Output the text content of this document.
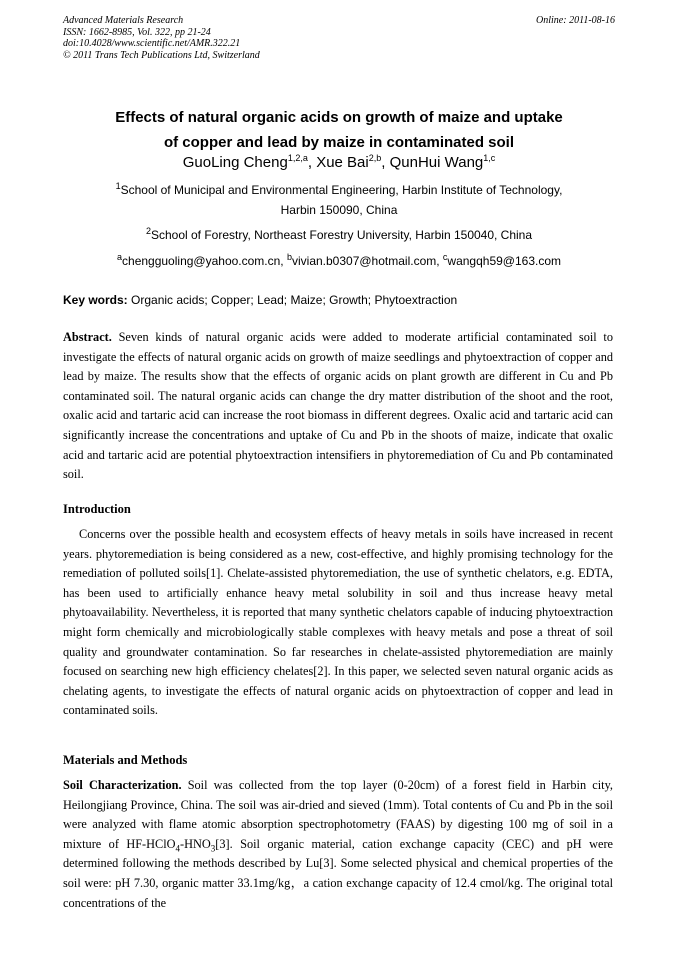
Advanced Materials Research
ISSN: 1662-8985, Vol. 322, pp 21-24
doi:10.4028/www.scientific.net/AMR.322.21
© 2011 Trans Tech Publications Ltd, Switzerland
Online: 2011-08-16
Effects of natural organic acids on growth of maize and uptake
of copper and lead by maize in contaminated soil
GuoLing Cheng$^{1,2,a}$, Xue Bai$^{2,b}$, QunHui Wang$^{1,c}$
$^1$School of Municipal and Environmental Engineering, Harbin Institute of Technology,
Harbin 150090, China
$^2$School of Forestry, Northeast Forestry University, Harbin 150040, China
$^a$chengguoling@yahoo.com.cn, $^b$vivian.b0307@hotmail.com, $^c$wangqh59@163.com
Key words: Organic acids; Copper; Lead; Maize; Growth; Phytoextraction
Abstract. Seven kinds of natural organic acids were added to moderate artificial contaminated soil to investigate the effects of natural organic acids on growth of maize seedlings and phytoextraction of copper and lead by maize. The results show that the effects of organic acids on plant growth are different in Cu and Pb contaminated soil. The natural organic acids can change the dry matter distribution of the shoot and the root, oxalic acid and tartaric acid can increase the root biomass in different degrees. Oxalic acid and tartaric acid can significantly increase the concentrations and uptake of Cu and Pb in the shoots of maize, indicate that oxalic acid and tartaric acid are potential phytoextraction intensifiers in phytoremediation of Cu and Pb contaminated soil.
Introduction
Concerns over the possible health and ecosystem effects of heavy metals in soils have increased in recent years. phytoremediation is being considered as a new, cost-effective, and highly promising technology for the remediation of polluted soils[1]. Chelate-assisted phytoremediation, the use of synthetic chelators, e.g. EDTA, has been used to artificially enhance heavy metal solubility in soil and thus increase heavy metal phytoavailability. Nevertheless, it is reported that many synthetic chelators capable of inducing phytoextraction might form chemically and microbiologically stable complexes with heavy metals and pose a threat of soil quality and groundwater contamination. So far researches in chelate-assisted phytoremediation are mainly focused on searching new high efficiency chelates[2]. In this paper, we selected seven natural organic acids as chelating agents, to investigate the effects of natural organic acids on phytoextraction of copper and lead in contaminated soils.
Materials and Methods
Soil Characterization. Soil was collected from the top layer (0-20cm) of a forest field in Harbin city, Heilongjiang Province, China. The soil was air-dried and sieved (1mm). Total contents of Cu and Pb in the soil were analyzed with flame atomic absorption spectrophotometry (FAAS) by digesting 100 mg of soil in a mixture of $HF-HClO_4-HNO_3[3]$. Soil organic material, cation exchange capacity (CEC) and pH were determined following the methods described by Lu[3]. Some selected physical and chemical properties of the soil were: pH 7.30, organic matter 33.1mg/kg，a cation exchange capacity of 12.4 cmol/kg. The original total concentrations of the
